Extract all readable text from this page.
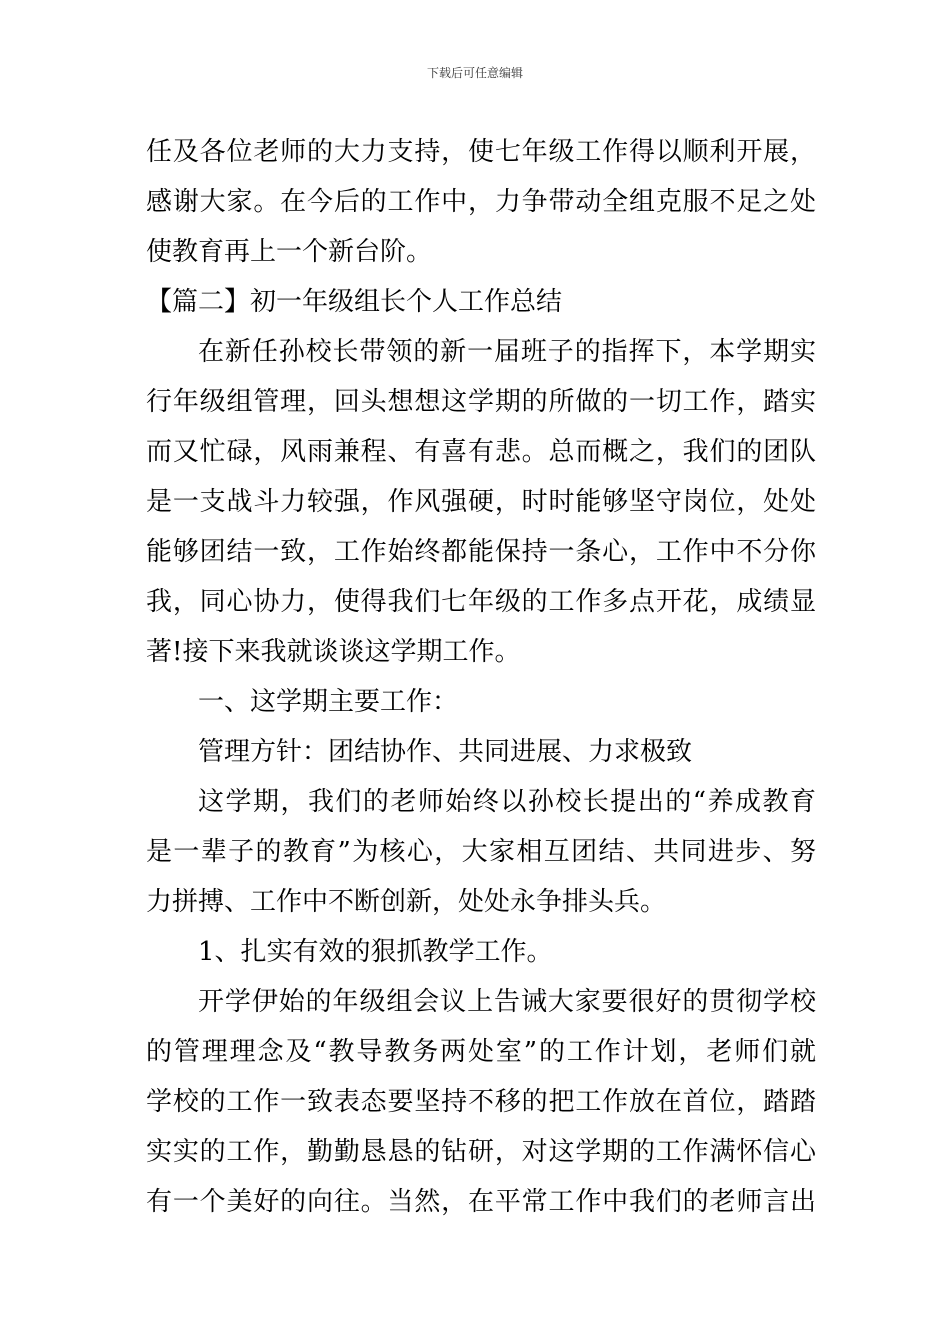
下载后可任意编辑
任及各位老师的大力支持，使七年级工作得以顺利开展，
感谢大家。在今后的工作中，力争带动全组克服不足之处
使教育再上一个新台阶。
【篇二】初一年级组长个人工作总结
在新任孙校长带领的新一届班子的指挥下，本学期实
行年级组管理，回头想想这学期的所做的一切工作，踏实
而又忙碌，风雨兼程、有喜有悲。总而概之，我们的团队
是一支战斗力较强，作风强硬，时时能够坚守岗位，处处
能够团结一致，工作始终都能保持一条心，工作中不分你
我，同心协力，使得我们七年级的工作多点开花，成绩显
著!接下来我就谈谈这学期工作。
一、这学期主要工作：
管理方针：团结协作、共同进展、力求极致
这学期，我们的老师始终以孙校长提出的“养成教育
是一辈子的教育”为核心，大家相互团结、共同进步、努
力拼搏、工作中不断创新，处处永争排头兵。
1、扎实有效的狠抓教学工作。
开学伊始的年级组会议上告诫大家要很好的贯彻学校
的管理理念及“教导教务两处室”的工作计划，老师们就
学校的工作一致表态要坚持不移的把工作放在首位，踏踏
实实的工作，勤勤恳恳的钻研，对这学期的工作满怀信心
有一个美好的向往。当然，在平常工作中我们的老师言出
